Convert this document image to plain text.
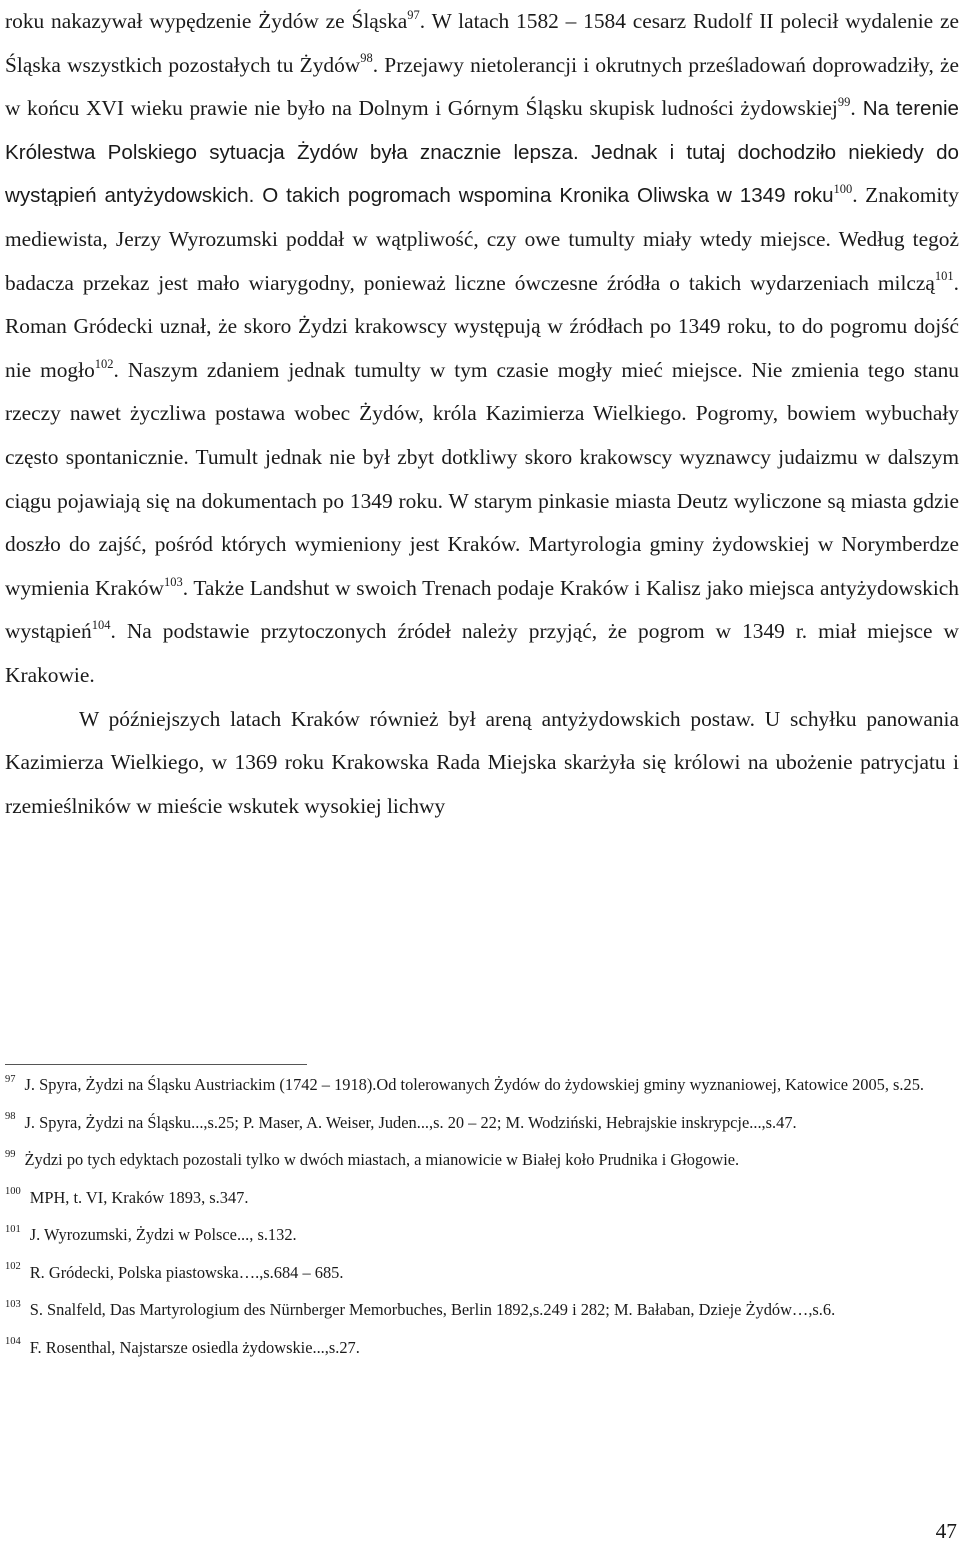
roku nakazywał wypędzenie Żydów ze Śląska$^{97}$. W latach 1582 – 1584 cesarz Rudolf II polecił wydalenie ze Śląska wszystkich pozostałych tu Żydów$^{98}$. Przejawy nietolerancji i okrutnych prześladowań doprowadziły, że w końcu XVI wieku prawie nie było na Dolnym i Górnym Śląsku skupisk ludności żydowskiej$^{99}$. Na terenie Królestwa Polskiego sytuacja Żydów była znacznie lepsza. Jednak i tutaj dochodziło niekiedy do wystąpień antyżydowskich. O takich pogromach wspomina Kronika Oliwska w 1349 roku$^{100}$. Znakomity mediewista, Jerzy Wyrozumski poddał w wątpliwość, czy owe tumulty miały wtedy miejsce. Według tegoż badacza przekaz jest mało wiarygodny, ponieważ liczne ówczesne źródła o takich wydarzeniach milczą$^{101}$. Roman Gródecki uznał, że skoro Żydzi krakowscy występują w źródłach po 1349 roku, to do pogromu dojść nie mogło$^{102}$. Naszym zdaniem jednak tumulty w tym czasie mogły mieć miejsce. Nie zmienia tego stanu rzeczy nawet życzliwa postawa wobec Żydów, króla Kazimierza Wielkiego. Pogromy, bowiem wybuchały często spontanicznie. Tumult jednak nie był zbyt dotkliwy skoro krakowscy wyznawcy judaizmu w dalszym ciągu pojawiają się na dokumentach po 1349 roku. W starym pinkasie miasta Deutz wyliczone są miasta gdzie doszło do zajść, pośród których wymieniony jest Kraków. Martyrologia gminy żydowskiej w Norymberdze wymienia Kraków$^{103}$. Także Landshut w swoich Trenach podaje Kraków i Kalisz jako miejsca antyżydowskich wystąpień$^{104}$. Na podstawie przytoczonych źródeł należy przyjąć, że pogrom w 1349 r. miał miejsce w Krakowie.

W późniejszych latach Kraków również był areną antyżydowskich postaw. U schyłku panowania Kazimierza Wielkiego, w 1369 roku Krakowska Rada Miejska skarżyła się królowi na ubożenie patrycjatu i rzemieślników w mieście wskutek wysokiej lichwy

$^{97}$ J. Spyra, Żydzi na Śląsku Austriackim (1742 – 1918).Od tolerowanych Żydów do żydowskiej gminy wyznaniowej, Katowice 2005, s.25.

$^{98}$ J. Spyra, Żydzi na Śląsku...,s.25; P. Maser, A. Weiser, Juden...,s. 20 – 22; M. Wodziński, Hebrajskie inskrypcje...,s.47.

$^{99}$ Żydzi po tych edyktach pozostali tylko w dwóch miastach, a mianowicie w Białej koło Prudnika i Głogowie.

$^{100}$ MPH, t. VI, Kraków 1893, s.347.

$^{101}$ J. Wyrozumski, Żydzi w Polsce..., s.132.

$^{102}$ R. Gródecki, Polska piastowska….,s.684 – 685.

$^{103}$ S. Snalfeld, Das Martyrologium des Nürnberger Memorbuches, Berlin 1892,s.249 i 282; M. Bałaban, Dzieje Żydów…,s.6.

$^{104}$ F. Rosenthal, Najstarsze osiedla żydowskie...,s.27.

47
